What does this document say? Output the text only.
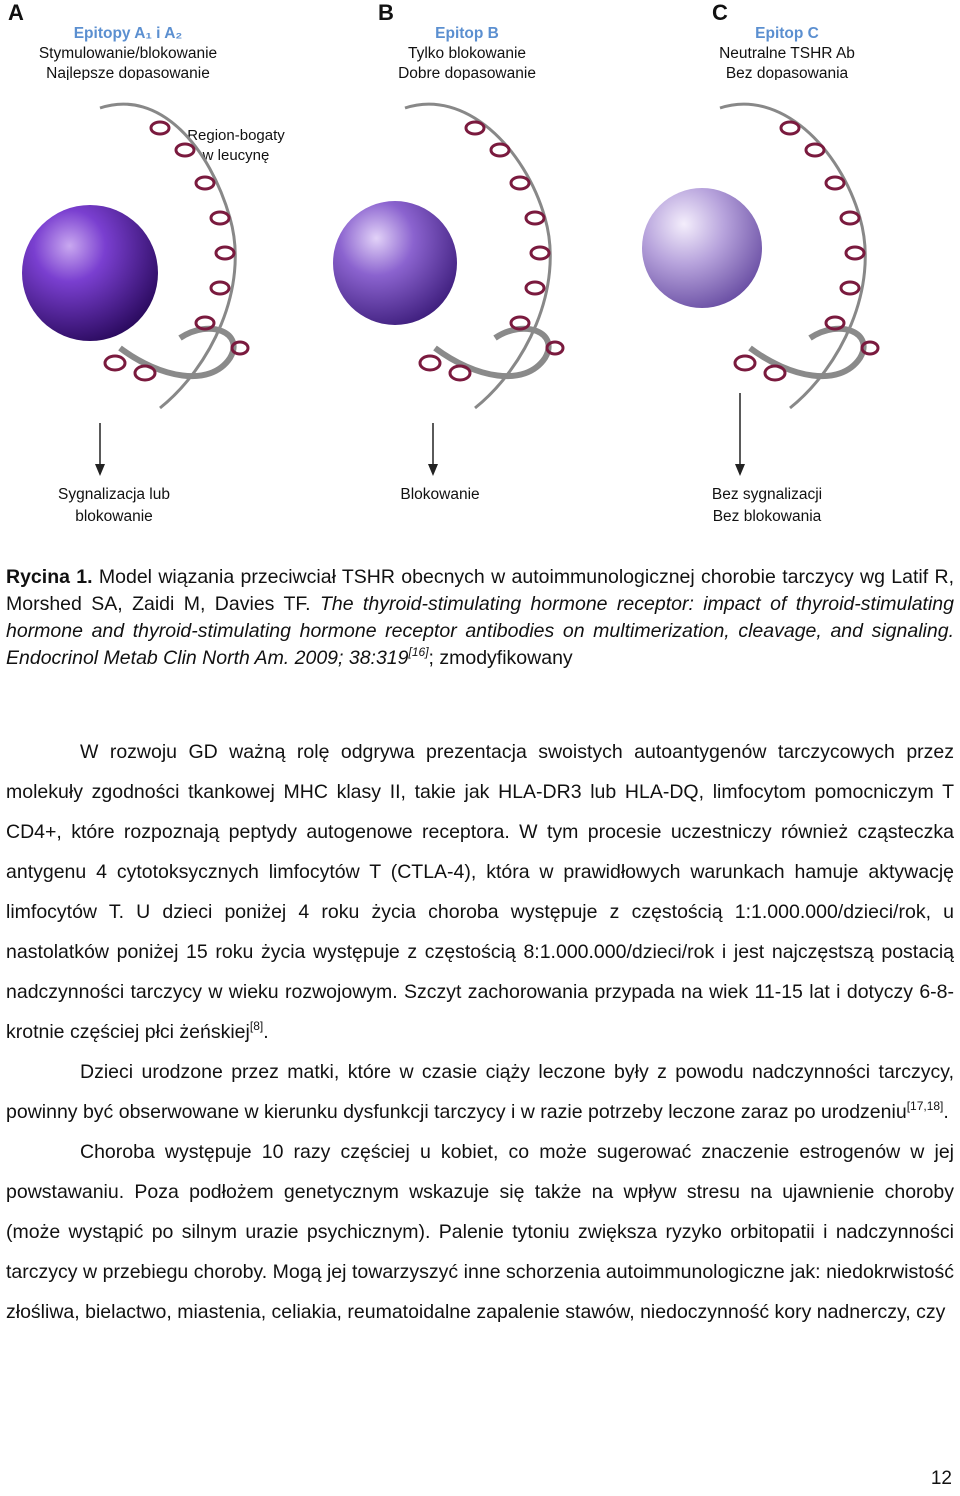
A
Epitopy A₁ i A₂
Stymulowanie/blokowanie
Najlepsze dopasowanie
B
Epitop B
Tylko blokowanie
Dobre dopasowanie
C
Epitop C
Neutralne TSHR Ab
Bez dopasowania
Region-bogaty
w leucynę
Sygnalizacja lub
blokowanie
Blokowanie	Bez sygnalizacji
Bez blokowania
Rycina 1. Model wiązania przeciwciał TSHR obecnych w autoimmunologicznej chorobie tarczycy wg Latif R, Morshed SA, Zaidi M, Davies TF. The thyroid-stimulating hormone receptor: impact of thyroid-stimulating hormone and thyroid-stimulating hormone receptor antibodies on multimerization, cleavage, and signaling. Endocrinol Metab Clin North Am. 2009; 38:319[16]; zmodyfikowany

W rozwoju GD ważną rolę odgrywa prezentacja swoistych autoantygenów tarczycowych przez molekuły zgodności tkankowej MHC klasy II, takie jak HLA-DR3 lub HLA-DQ, limfocytom pomocniczym T CD4+, które rozpoznają peptydy autogenowe receptora. W tym procesie uczestniczy również cząsteczka antygenu 4 cytotoksycznych limfocytów T (CTLA-4), która w prawidłowych warunkach hamuje aktywację limfocytów T. U dzieci poniżej 4 roku życia choroba występuje z częstością 1:1.000.000/dzieci/rok, u nastolatków poniżej 15 roku życia występuje z częstością 8:1.000.000/dzieci/rok i jest najczęstszą postacią nadczynności tarczycy w wieku rozwojowym. Szczyt zachorowania przypada na wiek 11-15 lat i dotyczy 6-8-krotnie częściej płci żeńskiej[8].

Dzieci urodzone przez matki, które w czasie ciąży leczone były z powodu nadczynności tarczycy, powinny być obserwowane w kierunku dysfunkcji tarczycy i w razie potrzeby leczone zaraz po urodzeniu[17,18].

Choroba występuje 10 razy częściej u kobiet, co może sugerować znaczenie estrogenów w jej powstawaniu. Poza podłożem genetycznym wskazuje się także na wpływ stresu na ujawnienie choroby (może wystąpić po silnym urazie psychicznym). Palenie tytoniu zwiększa ryzyko orbitopatii i nadczynności tarczycy w przebiegu choroby. Mogą jej towarzyszyć inne schorzenia autoimmunologiczne jak: niedokrwistość złośliwa, bielactwo, miastenia, celiakia, reumatoidalne zapalenie stawów, niedoczynność kory nadnerczy, czy

12
